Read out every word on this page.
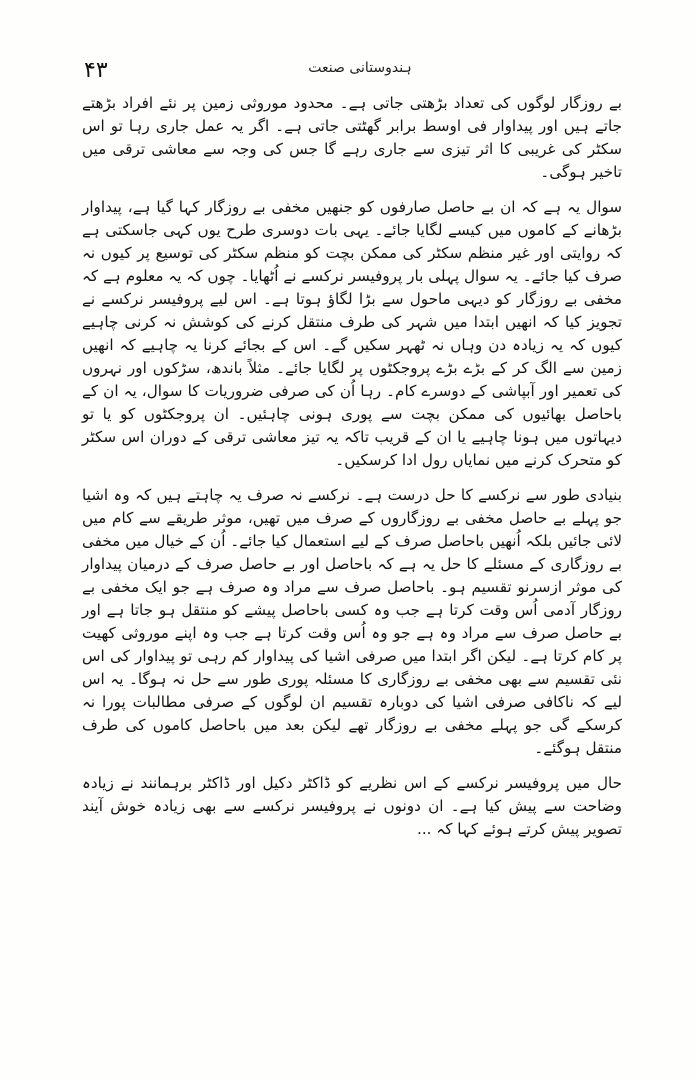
۴۳	ہندوستانی صنعت

بے روزگار لوگوں کی تعداد بڑھتی جاتی ہے۔ محدود موروثی زمین پر نئے افراد بڑھتے جاتے ہیں اور پیداوار فی اوسط برابر گھٹتی جاتی ہے۔ اگر یہ عمل جاری رہا تو اس سکٹر کی غریبی کا اثر تیزی سے جاری رہے گا جس کی وجہ سے معاشی ترقی میں تاخیر ہوگی۔

سوال یہ ہے کہ ان بے حاصل صارفوں کو جنھیں مخفی بے روزگار کہا گیا ہے، پیداوار بڑھانے کے کاموں میں کیسے لگایا جائے۔ یہی بات دوسری طرح یوں کہی جاسکتی ہے کہ روایتی اور غیر منظم سکٹر کی ممکن بچت کو منظم سکٹر کی توسیع پر کیوں نہ صرف کیا جائے۔ یہ سوال پہلی بار پروفیسر نرکسے نے اُٹھایا۔ چوں کہ یہ معلوم ہے کہ مخفی بے روزگار کو دیہی ماحول سے بڑا لگاؤ ہوتا ہے۔ اس لیے پروفیسر نرکسے نے تجویز کیا کہ انھیں ابتدا میں شہر کی طرف منتقل کرنے کی کوشش نہ کرنی چاہیے کیوں کہ یہ زیادہ دن وہاں نہ ٹھہر سکیں گے۔ اس کے بجائے کرنا یہ چاہیے کہ انھیں زمین سے الگ کر کے بڑے بڑے پروجکٹوں پر لگایا جائے۔ مثلاً باندھ، سڑکوں اور نہروں کی تعمیر اور آبپاشی کے دوسرے کام۔ رہا اُن کی صرفی ضروریات کا سوال، یہ ان کے باحاصل بھائیوں کی ممکن بچت سے پوری ہونی چاہئیں۔ ان پروجکٹوں کو یا تو دیہاتوں میں ہونا چاہیے یا ان کے قریب تاکہ یہ تیز معاشی ترقی کے دوران اس سکٹر کو متحرک کرنے میں نمایاں رول ادا کرسکیں۔

بنیادی طور سے نرکسے کا حل درست ہے۔ نرکسے نہ صرف یہ چاہتے ہیں کہ وہ اشیا جو پہلے بے حاصل مخفی بے روزگاروں کے صرف میں تھیں، موثر طریقے سے کام میں لائی جائیں بلکہ اُنھیں باحاصل صرف کے لیے استعمال کیا جائے۔ اُن کے خیال میں مخفی بے روزگاری کے مسئلے کا حل یہ ہے کہ باحاصل اور بے حاصل صرف کے درمیان پیداوار کی موثر ازسرنو تقسیم ہو۔ باحاصل صرف سے مراد وہ صرف ہے جو ایک مخفی بے روزگار آدمی اُس وقت کرتا ہے جب وہ کسی باحاصل پیشے کو منتقل ہو جاتا ہے اور بے حاصل صرف سے مراد وہ ہے جو وہ اُس وقت کرتا ہے جب وہ اپنے موروثی کھیت پر کام کرتا ہے۔ لیکن اگر ابتدا میں صرفی اشیا کی پیداوار کم رہی تو پیداوار کی اس نئی تقسیم سے بھی مخفی بے روزگاری کا مسئلہ پوری طور سے حل نہ ہوگا۔ یہ اس لیے کہ ناکافی صرفی اشیا کی دوبارہ تقسیم ان لوگوں کے صرفی مطالبات پورا نہ کرسکے گی جو پہلے مخفی بے روزگار تھے لیکن بعد میں باحاصل کاموں کی طرف منتقل ہوگئے۔

حال میں پروفیسر نرکسے کے اس نظریے کو ڈاکٹر دکیل اور ڈاکٹر برہمانند نے زیادہ وضاحت سے پیش کیا ہے۔ ان دونوں نے پروفیسر نرکسے سے بھی زیادہ خوش آیند تصویر پیش کرتے ہوئے کہا کہ ...
